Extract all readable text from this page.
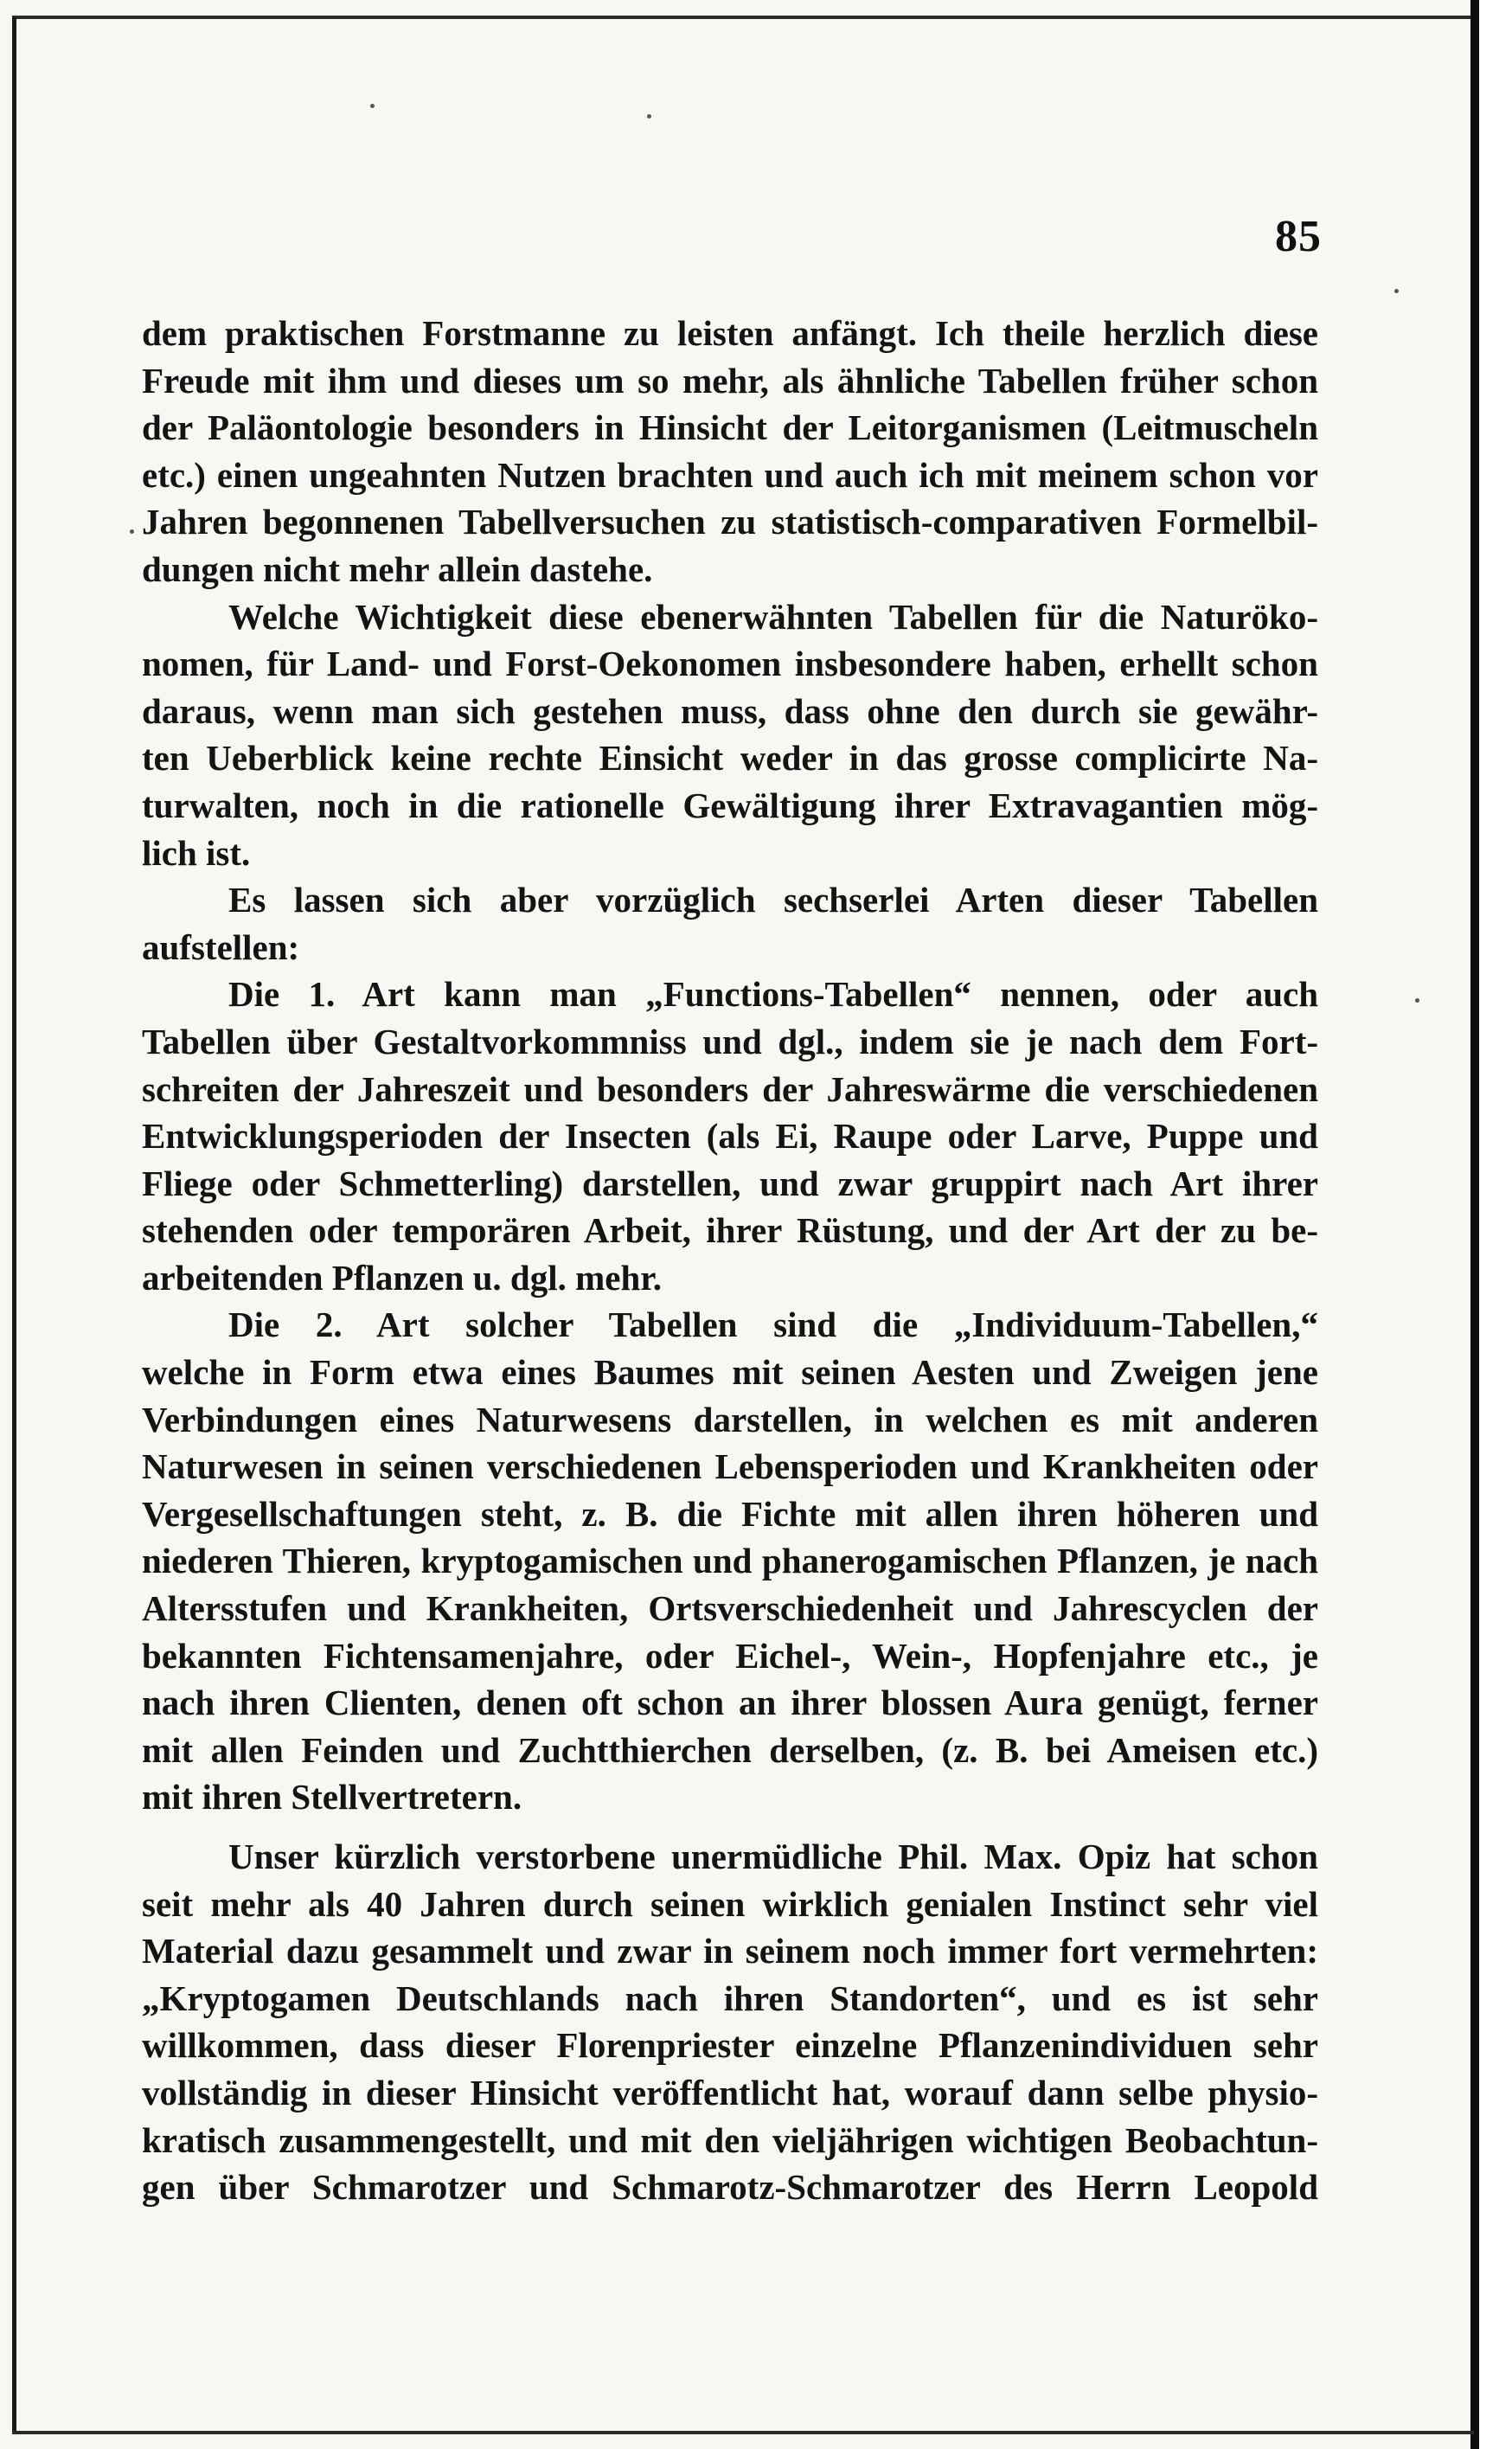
85
dem praktischen Forstmanne zu leisten anfängt. Ich theile herzlich diese
Freude mit ihm und dieses um so mehr, als ähnliche Tabellen früher schon
der Paläontologie besonders in Hinsicht der Leitorganismen (Leitmuscheln
etc.) einen ungeahnten Nutzen brachten und auch ich mit meinem schon vor
Jahren begonnenen Tabellversuchen zu statistisch-comparativen Formelbil-
dungen nicht mehr allein dastehe.
Welche Wichtigkeit diese ebenerwähnten Tabellen für die Naturöko-
nomen, für Land- und Forst-Oekonomen insbesondere haben, erhellt schon
daraus, wenn man sich gestehen muss, dass ohne den durch sie gewähr-
ten Ueberblick keine rechte Einsicht weder in das grosse complicirte Na-
turwalten, noch in die rationelle Gewältigung ihrer Extravagantien mög-
lich ist.
Es lassen sich aber vorzüglich sechserlei Arten dieser Tabellen
aufstellen:
Die 1. Art kann man „Functions-Tabellen“ nennen, oder auch
Tabellen über Gestaltvorkommniss und dgl., indem sie je nach dem Fort-
schreiten der Jahreszeit und besonders der Jahreswärme die verschiedenen
Entwicklungsperioden der Insecten (als Ei, Raupe oder Larve, Puppe und
Fliege oder Schmetterling) darstellen, und zwar gruppirt nach Art ihrer
stehenden oder temporären Arbeit, ihrer Rüstung, und der Art der zu be-
arbeitenden Pflanzen u. dgl. mehr.
Die 2. Art solcher Tabellen sind die „Individuum-Tabellen,“
welche in Form etwa eines Baumes mit seinen Aesten und Zweigen jene
Verbindungen eines Naturwesens darstellen, in welchen es mit anderen
Naturwesen in seinen verschiedenen Lebensperioden und Krankheiten oder
Vergesellschaftungen steht, z. B. die Fichte mit allen ihren höheren und
niederen Thieren, kryptogamischen und phanerogamischen Pflanzen, je nach
Altersstufen und Krankheiten, Ortsverschiedenheit und Jahrescyclen der
bekannten Fichtensamenjahre, oder Eichel-, Wein-, Hopfenjahre etc., je
nach ihren Clienten, denen oft schon an ihrer blossen Aura genügt, ferner
mit allen Feinden und Zuchtthierchen derselben, (z. B. bei Ameisen etc.)
mit ihren Stellvertretern.
Unser kürzlich verstorbene unermüdliche Phil. Max. Opiz hat schon
seit mehr als 40 Jahren durch seinen wirklich genialen Instinct sehr viel
Material dazu gesammelt und zwar in seinem noch immer fort vermehrten:
„Kryptogamen Deutschlands nach ihren Standorten“, und es ist sehr
willkommen, dass dieser Florenpriester einzelne Pflanzenindividuen sehr
vollständig in dieser Hinsicht veröffentlicht hat, worauf dann selbe physio-
kratisch zusammengestellt, und mit den vieljährigen wichtigen Beobachtun-
gen über Schmarotzer und Schmarotz-Schmarotzer des Herrn Leopold
